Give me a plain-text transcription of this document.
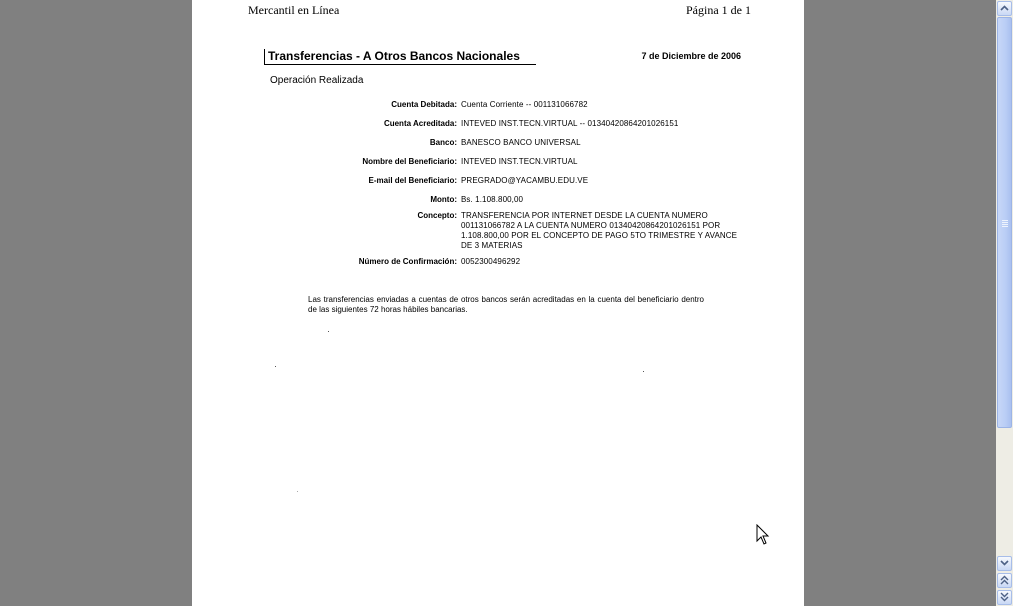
Mercantil en Línea	Página 1 de 1
Transferencias - A Otros Bancos Nacionales	7 de Diciembre de 2006
Operación Realizada
Cuenta Debitada: Cuenta Corriente -- 001131066782
Cuenta Acreditada: INTEVED INST.TECN.VIRTUAL -- 01340420864201026151
Banco: BANESCO BANCO UNIVERSAL
Nombre del Beneficiario: INTEVED INST.TECN.VIRTUAL
E-mail del Beneficiario: PREGRADO@YACAMBU.EDU.VE
Monto: Bs. 1.108.800,00
Concepto: TRANSFERENCIA POR INTERNET DESDE LA CUENTA NUMERO 001131066782 A LA CUENTA NUMERO 01340420864201026151 POR 1.108.800,00 POR EL CONCEPTO DE PAGO 5TO TRIMESTRE Y AVANCE DE 3 MATERIAS
Número de Confirmación: 0052300496292
Las transferencias enviadas a cuentas de otros bancos serán acreditadas en la cuenta del beneficiario dentro de las siguientes 72 horas hábiles bancarias.
